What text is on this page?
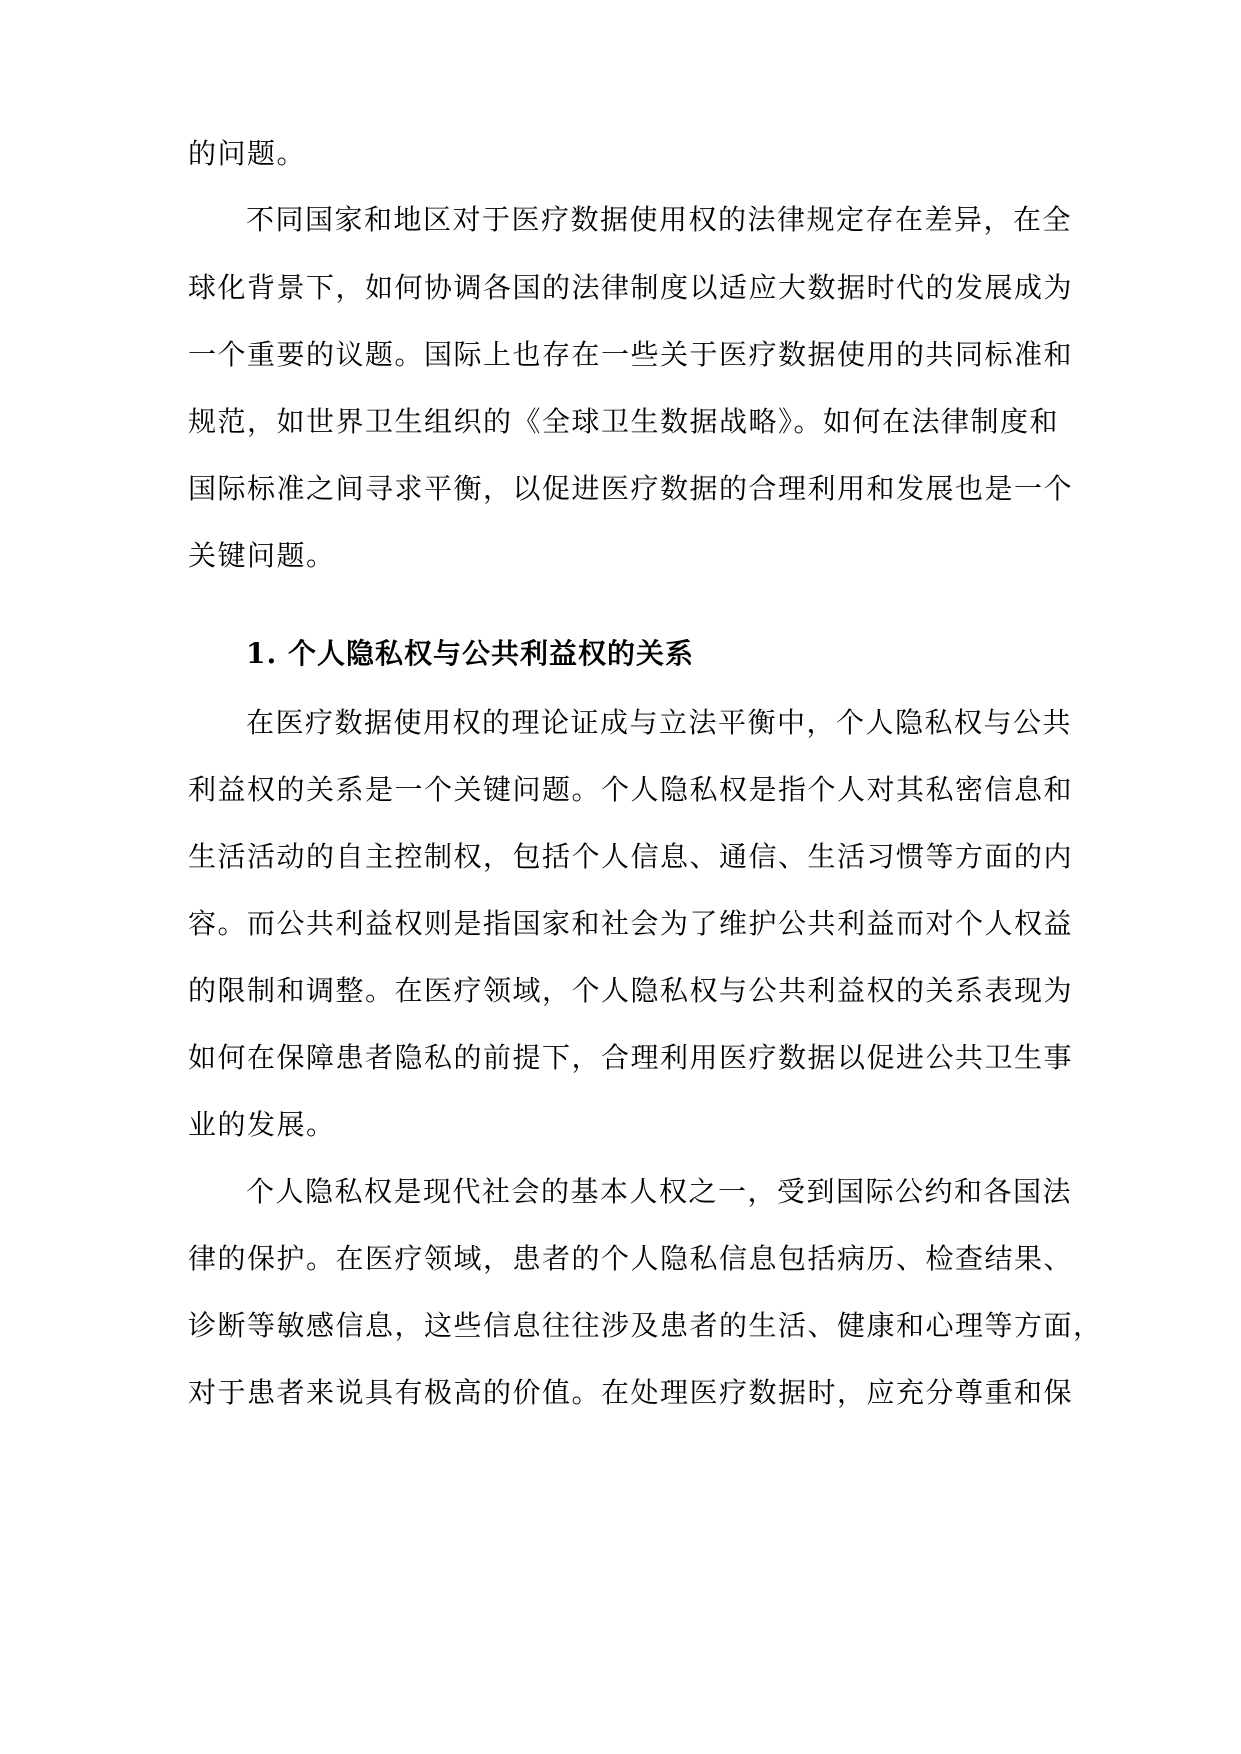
的问题。
不同国家和地区对于医疗数据使用权的法律规定存在差异，在全
球化背景下，如何协调各国的法律制度以适应大数据时代的发展成为
一个重要的议题。国际上也存在一些关于医疗数据使用的共同标准和
规范，如世界卫生组织的《全球卫生数据战略》。如何在法律制度和
国际标准之间寻求平衡，以促进医疗数据的合理利用和发展也是一个
关键问题。
1. 个人隐私权与公共利益权的关系
在医疗数据使用权的理论证成与立法平衡中，个人隐私权与公共
利益权的关系是一个关键问题。个人隐私权是指个人对其私密信息和
生活活动的自主控制权，包括个人信息、通信、生活习惯等方面的内
容。而公共利益权则是指国家和社会为了维护公共利益而对个人权益
的限制和调整。在医疗领域，个人隐私权与公共利益权的关系表现为
如何在保障患者隐私的前提下，合理利用医疗数据以促进公共卫生事
业的发展。
个人隐私权是现代社会的基本人权之一，受到国际公约和各国法
律的保护。在医疗领域，患者的个人隐私信息包括病历、检查结果、
诊断等敏感信息，这些信息往往涉及患者的生活、健康和心理等方面，
对于患者来说具有极高的价值。在处理医疗数据时，应充分尊重和保
